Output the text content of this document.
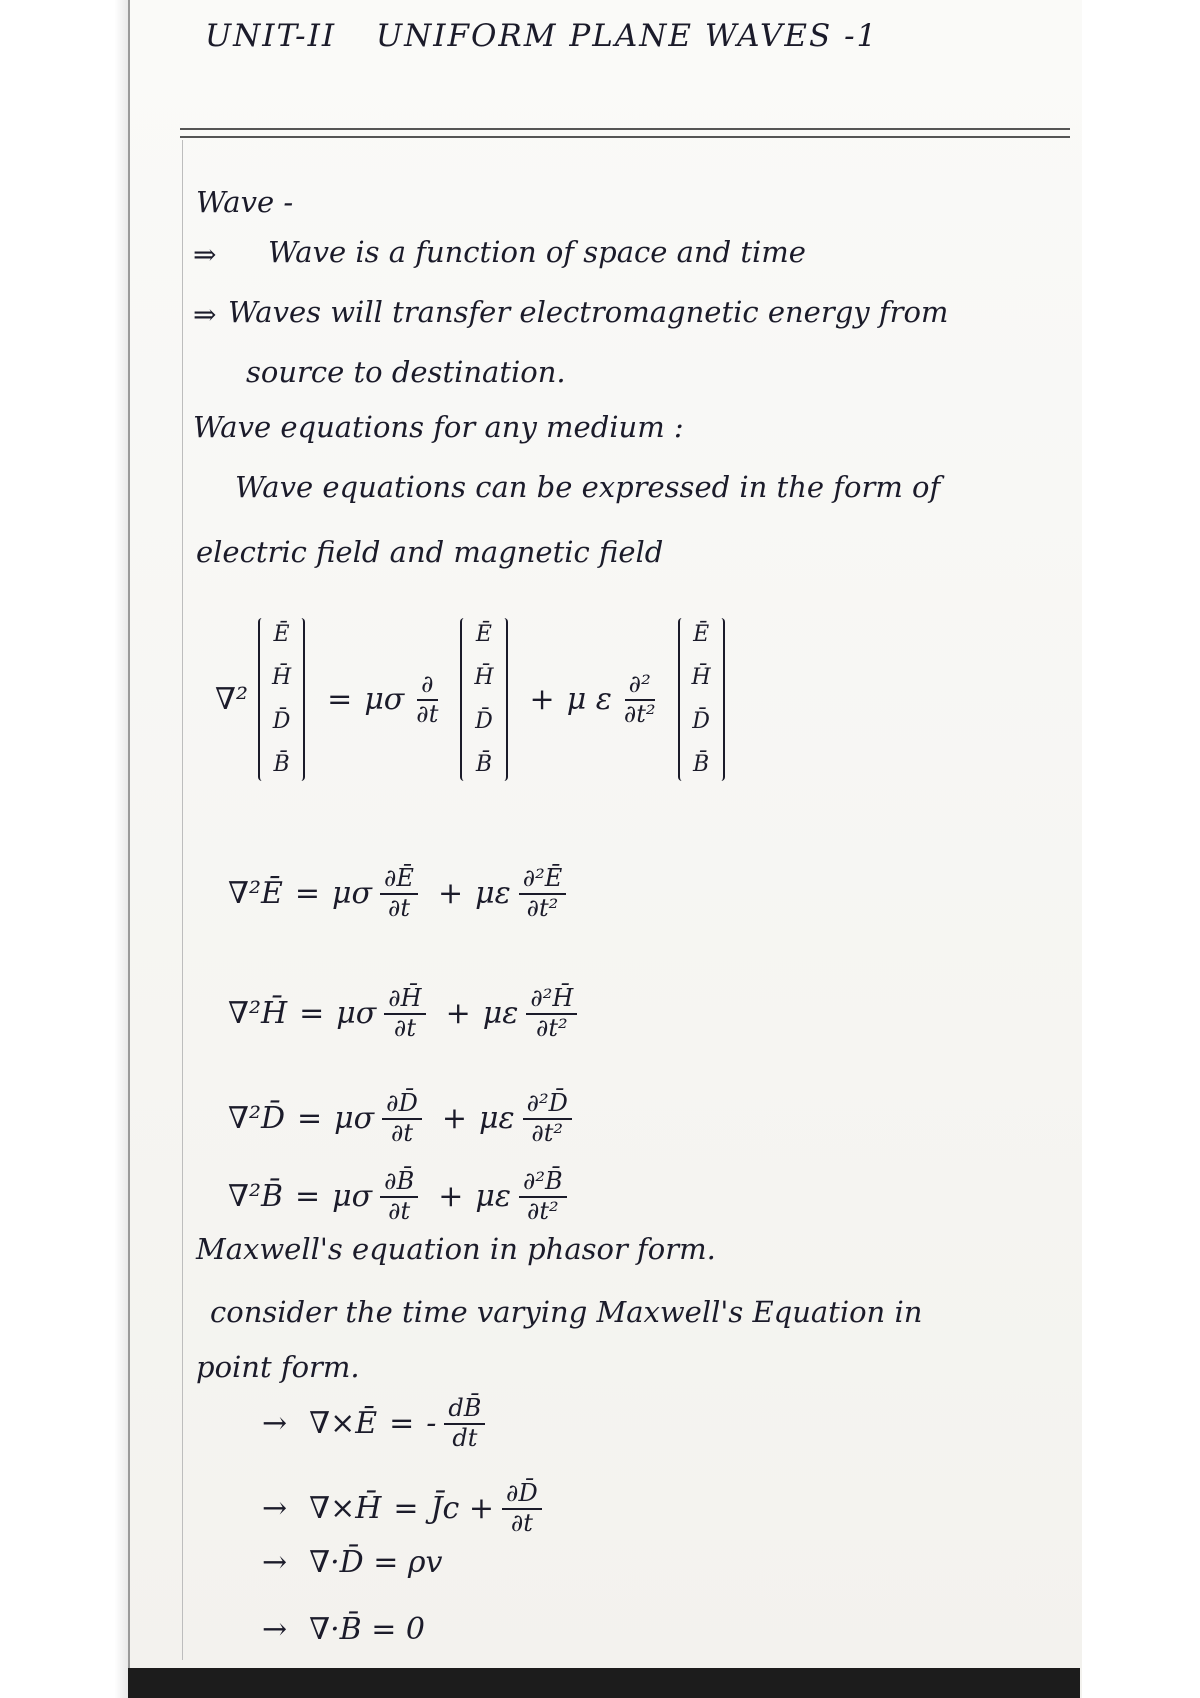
UNIT-II UNIFORM PLANE WAVES -1
Wave -
⇒ Wave is a function of space and time
⇒ Waves will transfer electromagnetic energy from
source to destination.
Wave equations for any medium :
Wave equations can be expressed in the form of
electric field and magnetic field
∇²
Ē
H̄
D̄
B̄
= μσ $\frac{\partial}{\partial t}$
Ē
H̄
D̄
B̄
+ μ ε $\frac{\text{∂²}}{\text{∂t²}}$
Ē
H̄
D̄
B̄
∇²Ē = μσ $\frac{\partial Ē}{\partial t} + \mu\varepsilon \frac{\text{∂²Ē}}{\text{∂t²}}$
∇²H̄ = μσ $\frac{\partial H̄}{\partial t} + \mu\varepsilon \frac{\text{∂²H̄}}{\text{∂t²}}$
∇²D̄ = μσ $\frac{\partial D̄}{\partial t} + \mu\varepsilon \frac{\text{∂²D̄}}{\text{∂t²}}$
∇²B̄ = μσ $\frac{\partial B̄}{\partial t} + \mu\varepsilon \frac{\text{∂²B̄}}{\text{∂t²}}$
Maxwell's equation in phasor form.
consider the time varying Maxwell's Equation in
point form.
→ ∇×Ē = - $\frac{dB̄}{dt}$
→ ∇×H̄ = J̄c + $\frac{\partial D̄}{\partial t}$
→ ∇·D̄ = ρv
→ ∇·B̄ = 0
